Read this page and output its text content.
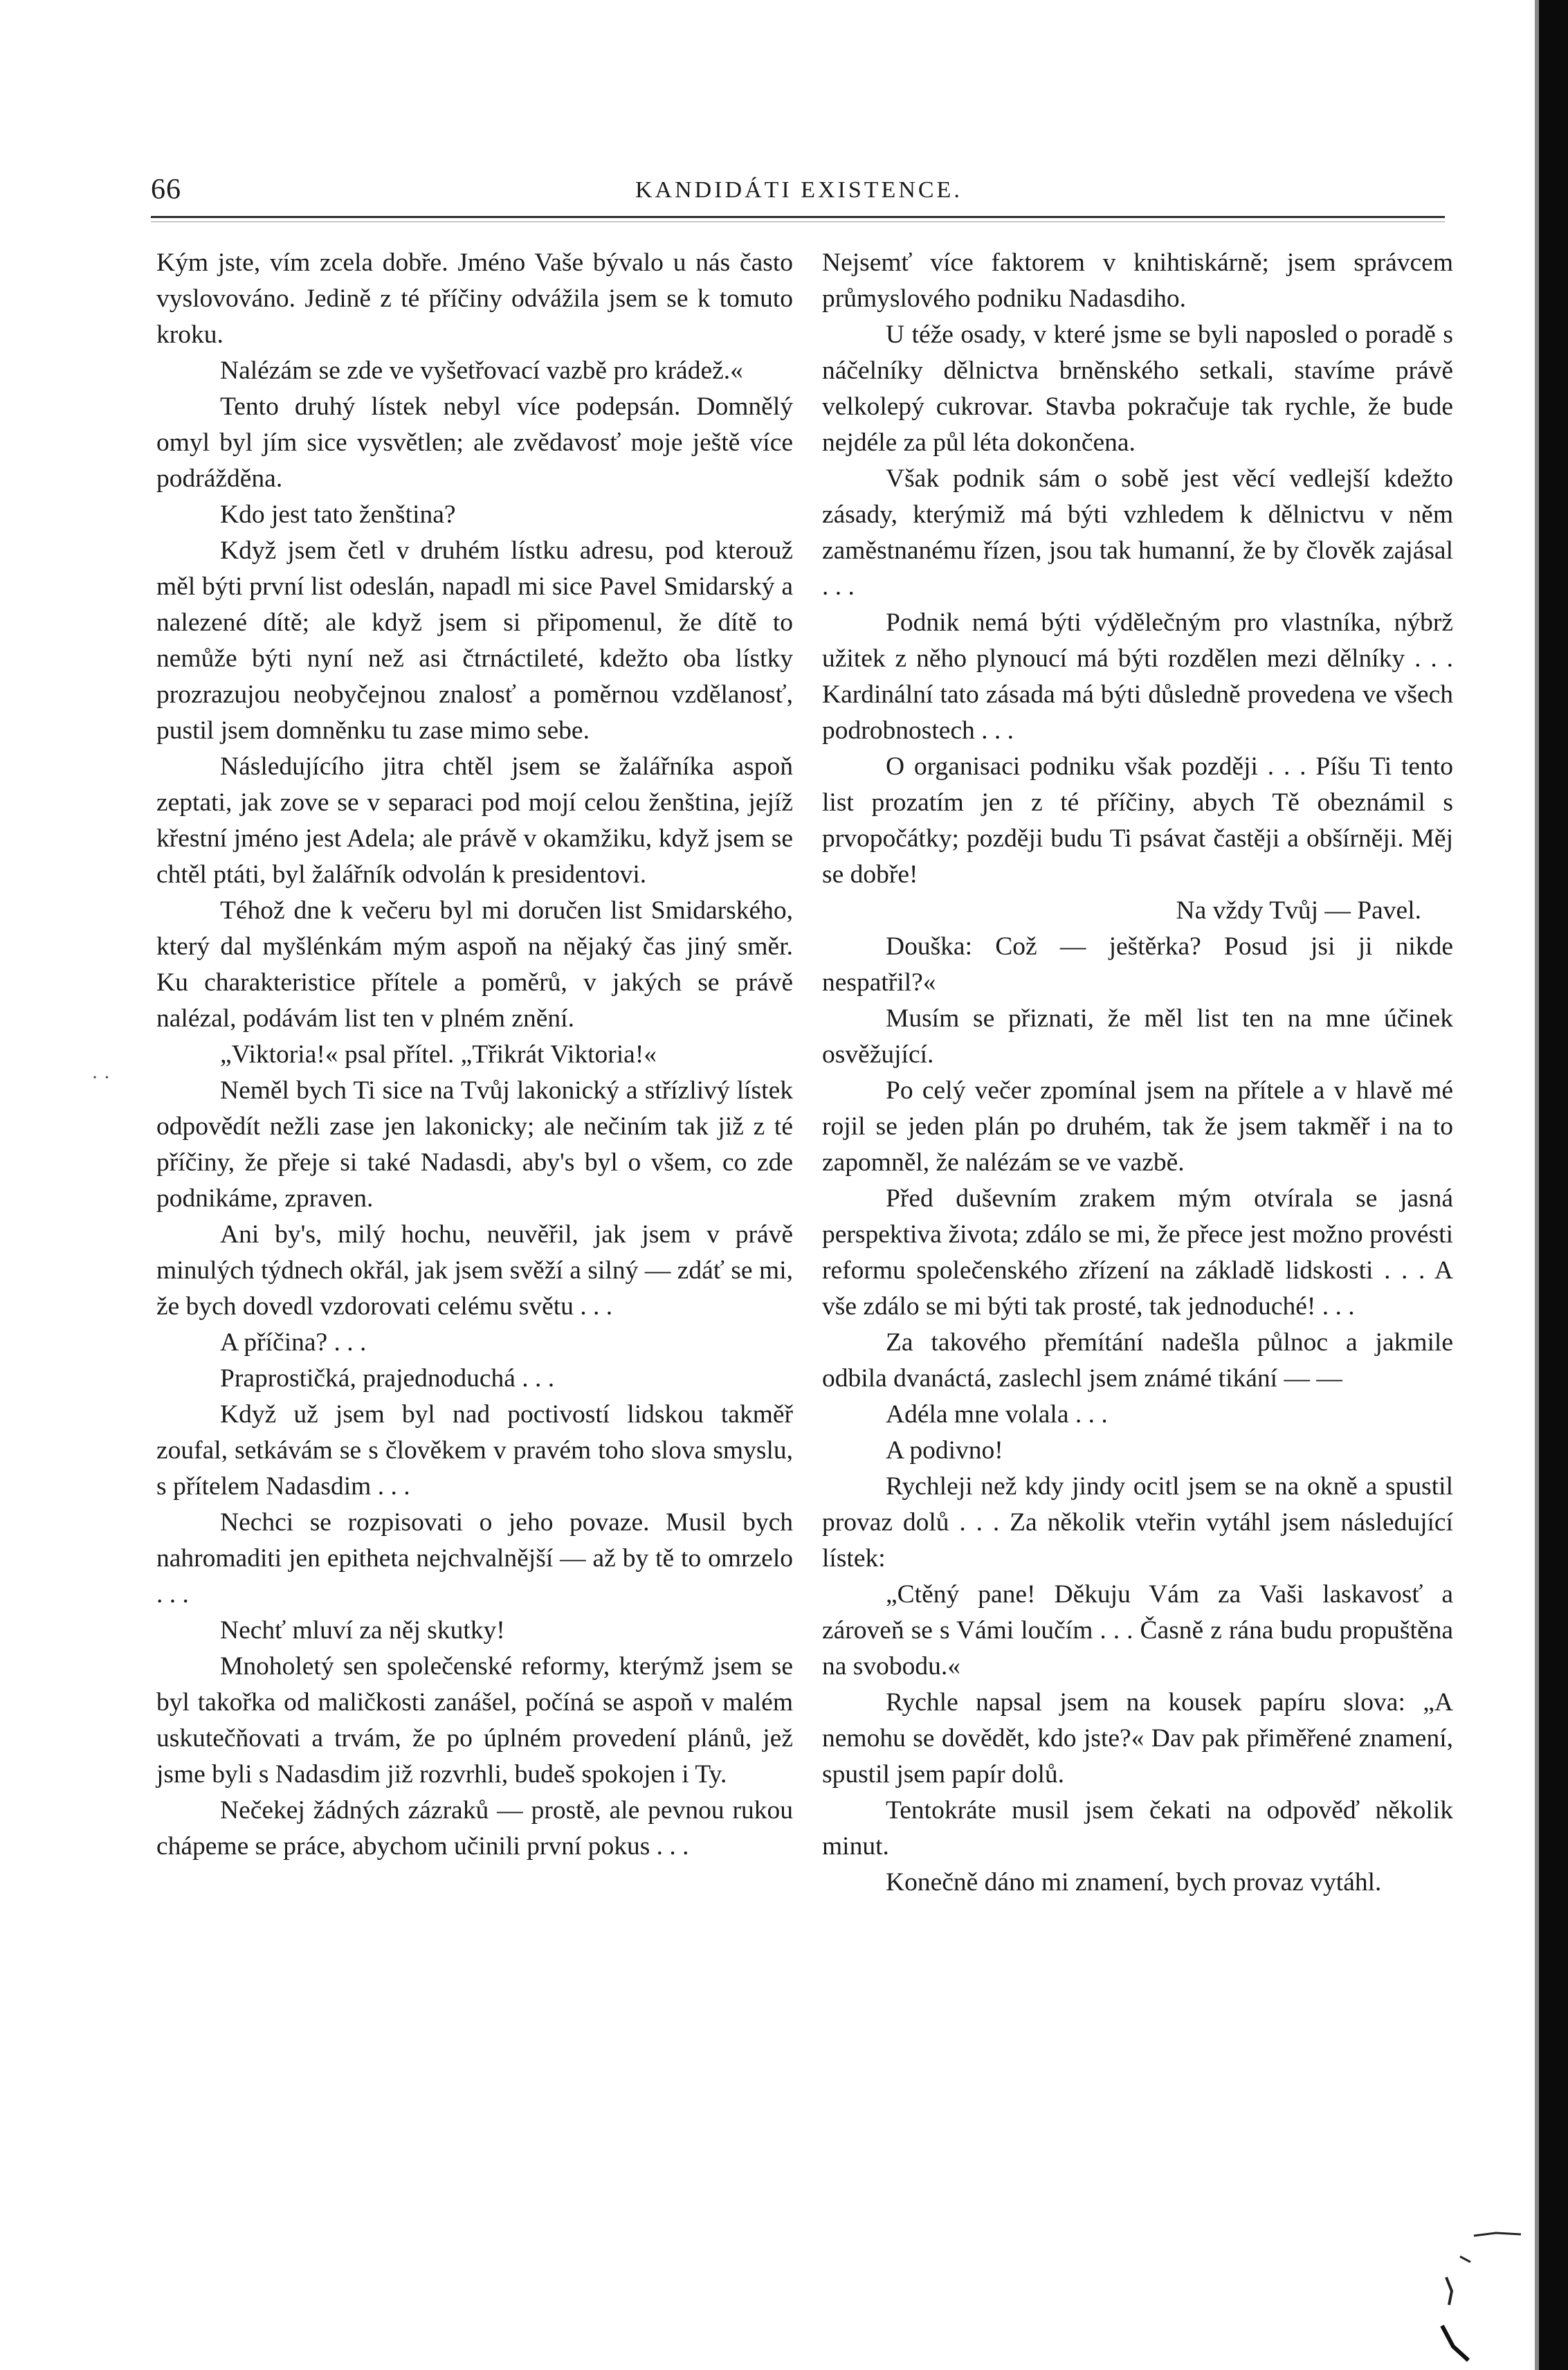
66	KANDIDÁTI EXISTENCE.
· ·

Kým jste, vím zcela dobře. Jméno Vaše bývalo u nás často vyslovováno. Jedině z té příčiny odvážila jsem se k tomuto kroku.

Nalézám se zde ve vyšetřovací vazbě pro krádež.«

Tento druhý lístek nebyl více podepsán. Domnělý omyl byl jím sice vysvětlen; ale zvědavosť moje ještě více podrážděna.

Kdo jest tato ženština?

Když jsem četl v druhém lístku adresu, pod kterouž měl býti první list odeslán, napadl mi sice Pavel Smidarský a nalezené dítě; ale když jsem si připomenul, že dítě to nemůže býti nyní než asi čtrnáctileté, kdežto oba lístky prozrazujou neobyčejnou znalosť a poměrnou vzdělanosť, pustil jsem domněnku tu zase mimo sebe.

Následujícího jitra chtěl jsem se žalářníka aspoň zeptati, jak zove se v separaci pod mojí celou ženština, jejíž křestní jméno jest Adela; ale právě v okamžiku, když jsem se chtěl ptáti, byl žalářník odvolán k presidentovi.

Téhož dne k večeru byl mi doručen list Smidarského, který dal myšlénkám mým aspoň na nějaký čas jiný směr. Ku charakteristice přítele a poměrů, v jakých se právě nalézal, podávám list ten v plném znění.

„Viktoria!« psal přítel. „Třikrát Viktoria!«

Neměl bych Ti sice na Tvůj lakonický a střízlivý lístek odpovědít nežli zase jen lakonicky; ale nečiním tak již z té příčiny, že přeje si také Nadasdi, aby's byl o všem, co zde podnikáme, zpraven.

Ani by's, milý hochu, neuvěřil, jak jsem v právě minulých týdnech okřál, jak jsem svěží a silný — zdáť se mi, že bych dovedl vzdorovati celému světu . . .

A příčina? . . .

Praprostičká, prajednoduchá . . .

Když už jsem byl nad poctivostí lidskou takměř zoufal, setkávám se s člověkem v pravém toho slova smyslu, s přítelem Nadasdim . . .

Nechci se rozpisovati o jeho povaze. Musil bych nahromaditi jen epitheta nejchvalnější — až by tě to omrzelo . . .

Nechť mluví za něj skutky!

Mnoholetý sen společenské reformy, kterýmž jsem se byl takořka od maličkosti zanášel, počíná se aspoň v malém uskutečňovati a trvám, že po úplném provedení plánů, jež jsme byli s Nadasdim již rozvrhli, budeš spokojen i Ty.

Nečekej žádných zázraků — prostě, ale pevnou rukou chápeme se práce, abychom učinili první pokus . . .

Nejsemť více faktorem v knihtiskárně; jsem správcem průmyslového podniku Nadasdiho.

U téže osady, v které jsme se byli naposled o poradě s náčelníky dělnictva brněnského setkali, stavíme právě velkolepý cukrovar. Stavba pokračuje tak rychle, že bude nejdéle za půl léta dokončena.

Však podnik sám o sobě jest věcí vedlejší kdežto zásady, kterýmiž má býti vzhledem k dělnictvu v něm zaměstnanému řízen, jsou tak humanní, že by člověk zajásal . . .

Podnik nemá býti výdělečným pro vlastníka, nýbrž užitek z něho plynoucí má býti rozdělen mezi dělníky . . . Kardinální tato zásada má býti důsledně provedena ve všech podrobnostech . . .

O organisaci podniku však později . . . Píšu Ti tento list prozatím jen z té příčiny, abych Tě obeznámil s prvopočátky; později budu Ti psávat častěji a obšírněji. Měj se dobře!

Na vždy Tvůj — Pavel.

Douška: Což — ještěrka? Posud jsi ji nikde nespatřil?«

Musím se přiznati, že měl list ten na mne účinek osvěžující.

Po celý večer zpomínal jsem na přítele a v hlavě mé rojil se jeden plán po druhém, tak že jsem takměř i na to zapomněl, že nalézám se ve vazbě.

Před duševním zrakem mým otvírala se jasná perspektiva života; zdálo se mi, že přece jest možno provésti reformu společenského zřízení na základě lidskosti . . . A vše zdálo se mi býti tak prosté, tak jednoduché! . . .

Za takového přemítání nadešla půlnoc a jakmile odbila dvanáctá, zaslechl jsem známé tikání — —

Adéla mne volala . . .

A podivno!

Rychleji než kdy jindy ocitl jsem se na okně a spustil provaz dolů . . . Za několik vteřin vytáhl jsem následující lístek:

„Ctěný pane! Děkuju Vám za Vaši laskavosť a zároveň se s Vámi loučím . . . Časně z rána budu propuštěna na svobodu.«

Rychle napsal jsem na kousek papíru slova: „A nemohu se dovědět, kdo jste?« Dav pak přiměřené znamení, spustil jsem papír dolů.

Tentokráte musil jsem čekati na odpověď několik minut.

Konečně dáno mi znamení, bych provaz vytáhl.
